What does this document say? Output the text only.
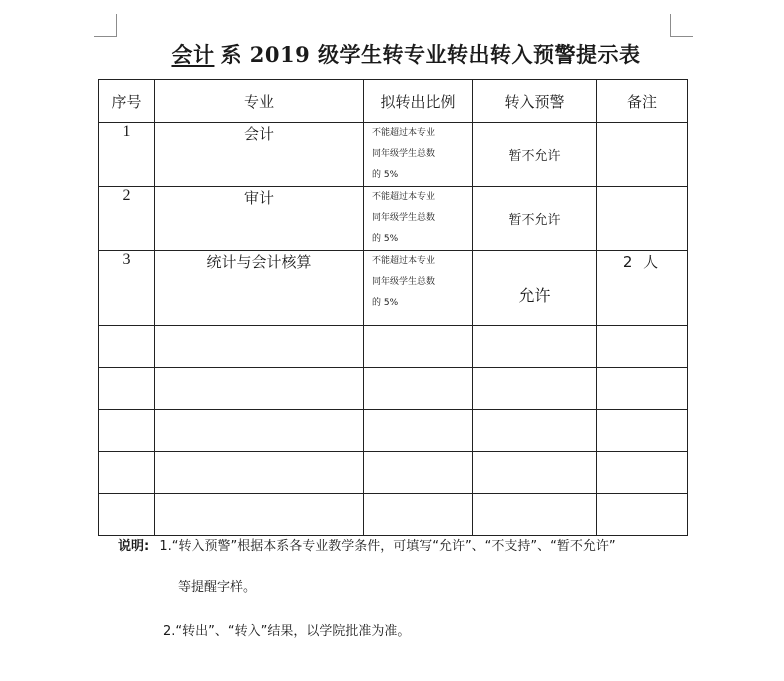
会计 系 2019 级学生转专业转出转入预警提示表
序号	专业	拟转出比例	转入预警	备注
1	会计	不能超过本专业
同年级学生总数
的 5%	暂不允许	
2	审计	不能超过本专业
同年级学生总数
的 5%	暂不允许	
3	统计与会计核算	不能超过本专业
同年级学生总数
的 5%	允许	2 人

说明: 1.“转入预警”根据本系各专业教学条件，可填写“允许”、“不支持”、“暂不允许”
等提醒字样。
2.“转出”、“转入”结果，以学院批准为准。
